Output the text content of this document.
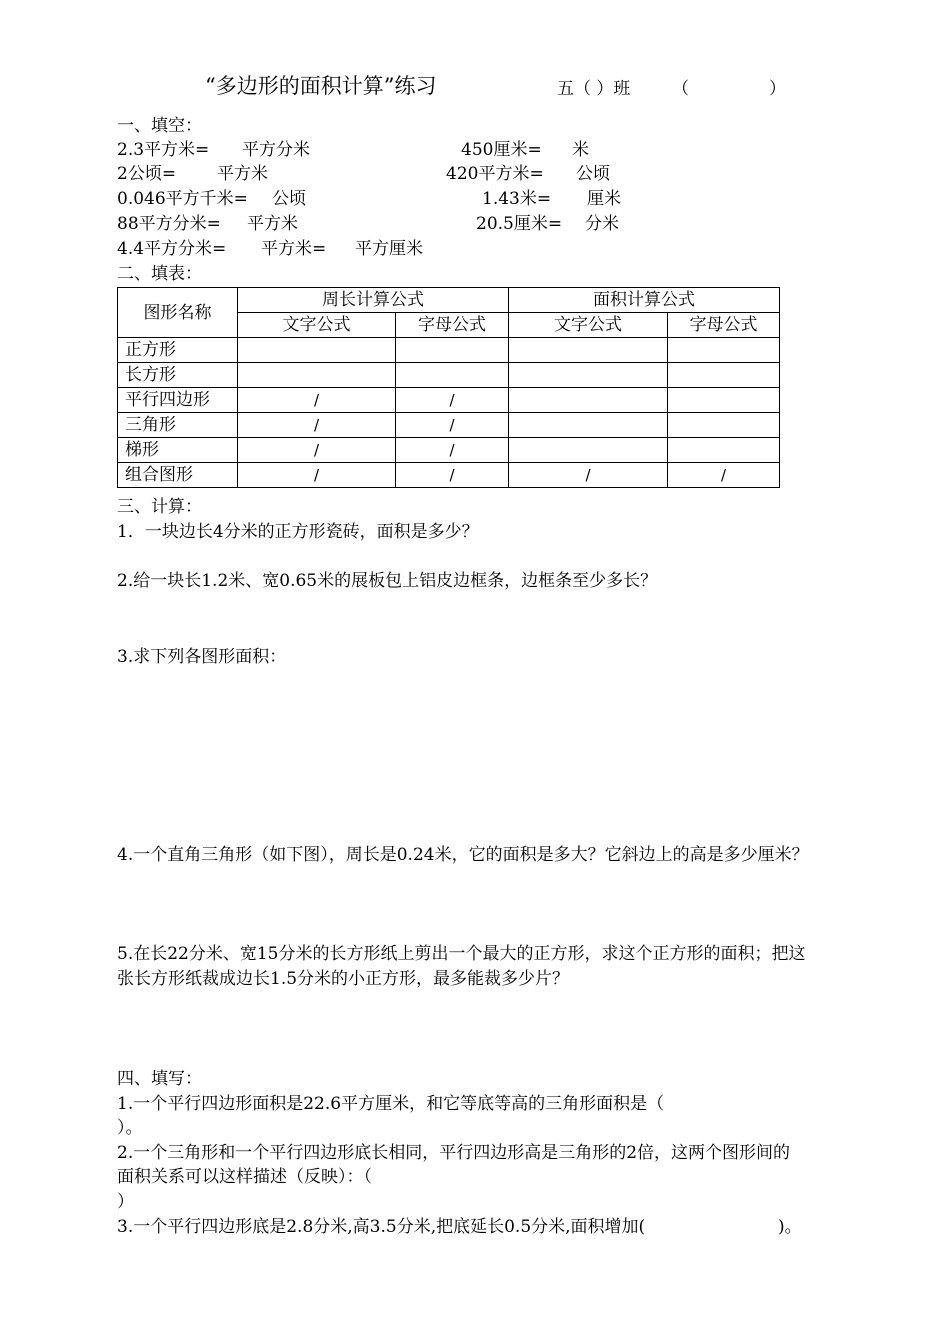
“多边形的面积计算”练习	五（ ）班 （	）
一、填空：
2.3平方米= 平方分米	450厘米= 米
2公顷= 平方米	420平方米= 公顷
0.046平方千米= 公顷	1.43米= 厘米
88平方分米= 平方米	20.5厘米= 分米
4.4平方分米= 平方米= 平方厘米
二、填表：
图形名称	周长计算公式		面积计算公式	
	文字公式	字母公式	文字公式	字母公式
正方形				
长方形				
平行四边形	/	/		
三角形	/	/		
梯形	/	/		
组合图形	/	/	/	/
三、计算：
1．一块边长4分米的正方形瓷砖，面积是多少？
2.给一块长1.2米、宽0.65米的展板包上铝皮边框条，边框条至少多长？
3.求下列各图形面积：
4.一个直角三角形（如下图），周长是0.24米，它的面积是多大？它斜边上的高是多少厘米？
5.在长22分米、宽15分米的长方形纸上剪出一个最大的正方形，求这个正方形的面积；把这
张长方形纸裁成边长1.5分米的小正方形，最多能裁多少片？
四、填写：
1.一个平行四边形面积是22.6平方厘米，和它等底等高的三角形面积是（
）。
2.一个三角形和一个平行四边形底长相同，平行四边形高是三角形的2倍，这两个图形间的
面积关系可以这样描述（反映）：（
）
3.一个平行四边形底是2.8分米,高3.5分米,把底延长0.5分米,面积增加(	)。
